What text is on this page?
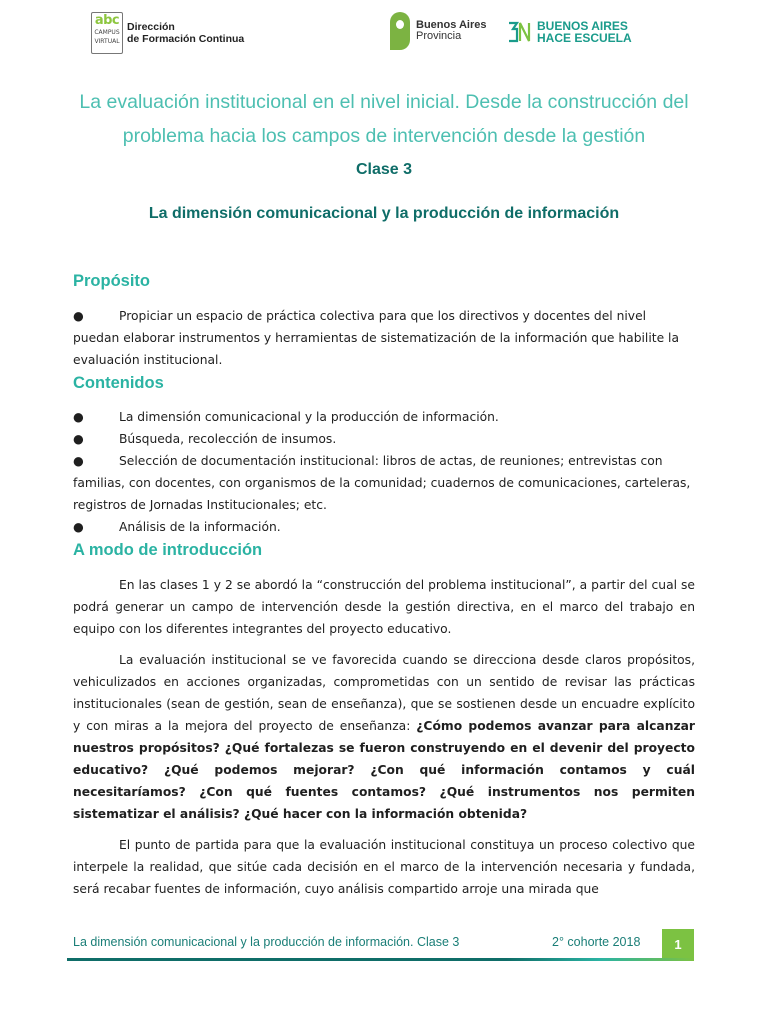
abc
CAMPUS
VIRTUAL
Dirección
de Formación Continua
Buenos Aires
Provincia
BUENOS AIRES
HACE ESCUELA
La evaluación institucional en el nivel inicial. Desde la construcción del problema hacia los campos de intervención desde la gestión
Clase 3
La dimensión comunicacional y la producción de información
Propósito

●	Propiciar un espacio de práctica colectiva para que los directivos y docentes del nivel puedan elaborar instrumentos y herramientas de sistematización de la información que habilite la evaluación institucional.

Contenidos

●	La dimensión comunicacional y la producción de información.

●	Búsqueda, recolección de insumos.

●	Selección de documentación institucional: libros de actas, de reuniones; entrevistas con familias, con docentes, con organismos de la comunidad; cuadernos de comunicaciones, carteleras, registros de Jornadas Institucionales; etc.

●	Análisis de la información.

A modo de introducción

En las clases 1 y 2 se abordó la “construcción del problema institucional”, a partir del cual se podrá generar un campo de intervención desde la gestión directiva, en el marco del trabajo en equipo con los diferentes integrantes del proyecto educativo.

La evaluación institucional se ve favorecida cuando se direcciona desde claros propósitos, vehiculizados en acciones organizadas, comprometidas con un sentido de revisar las prácticas institucionales (sean de gestión, sean de enseñanza), que se sostienen desde un encuadre explícito y con miras a la mejora del proyecto de enseñanza: ¿Cómo podemos avanzar para alcanzar nuestros propósitos? ¿Qué fortalezas se fueron construyendo en el devenir del proyecto educativo? ¿Qué podemos mejorar? ¿Con qué información contamos y cuál necesitaríamos? ¿Con qué fuentes contamos? ¿Qué instrumentos nos permiten sistematizar el análisis? ¿Qué hacer con la información obtenida?

El punto de partida para que la evaluación institucional constituya un proceso colectivo que interpele la realidad, que sitúe cada decisión en el marco de la intervención necesaria y fundada, será recabar fuentes de información, cuyo análisis compartido arroje una mirada que

La dimensión comunicacional y la producción de información. Clase 3	2° cohorte 2018	1
